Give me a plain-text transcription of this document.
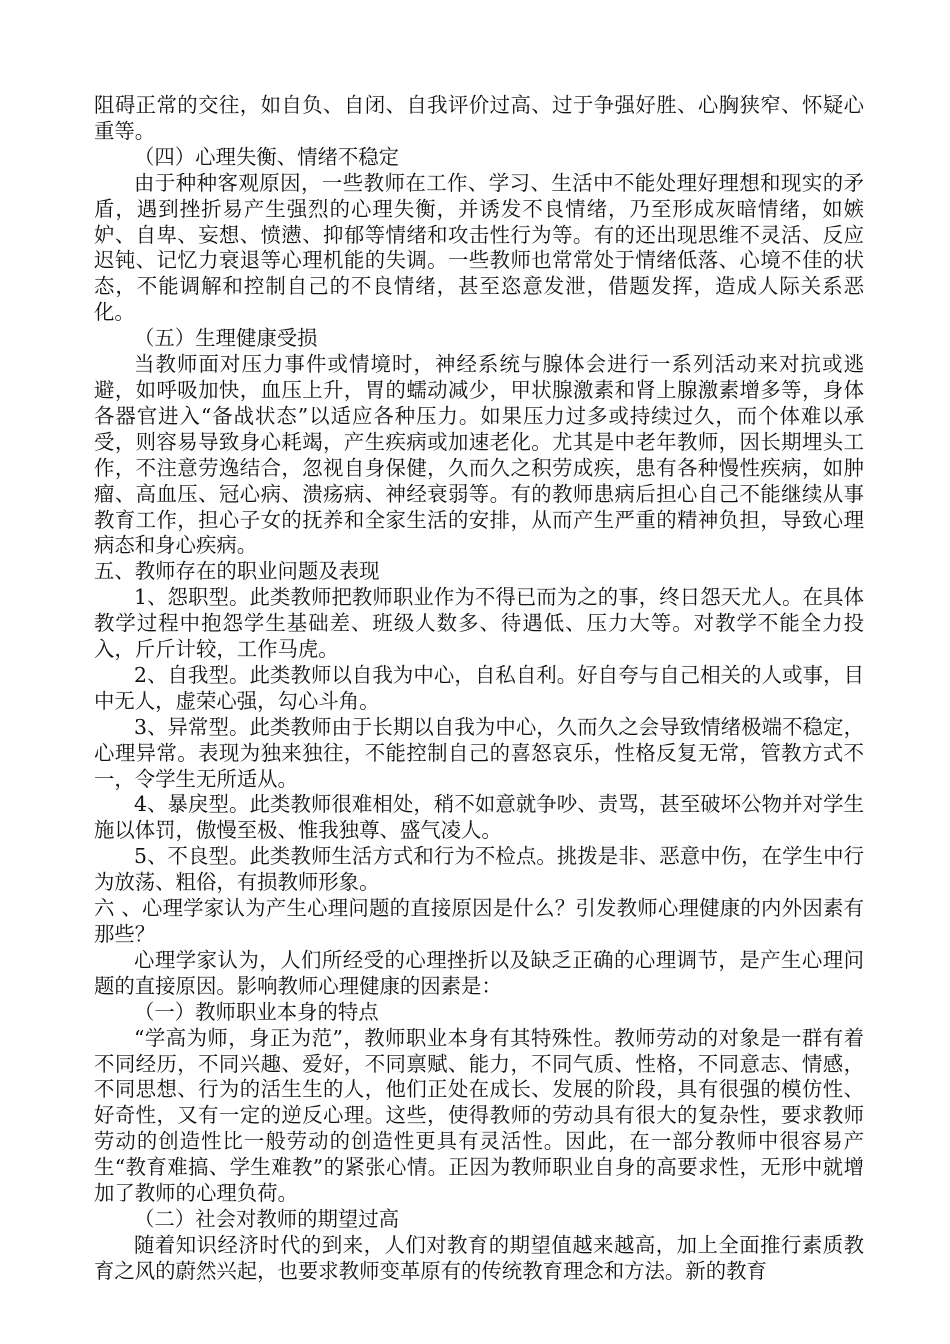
阻碍正常的交往，如自负、自闭、自我评价过高、过于争强好胜、心胸狭窄、怀疑心重等。

（四）心理失衡、情绪不稳定

由于种种客观原因，一些教师在工作、学习、生活中不能处理好理想和现实的矛盾，遇到挫折易产生强烈的心理失衡，并诱发不良情绪，乃至形成灰暗情绪，如嫉妒、自卑、妄想、愤懑、抑郁等情绪和攻击性行为等。有的还出现思维不灵活、反应迟钝、记忆力衰退等心理机能的失调。一些教师也常常处于情绪低落、心境不佳的状态，不能调解和控制自己的不良情绪，甚至恣意发泄，借题发挥，造成人际关系恶化。

（五）生理健康受损

当教师面对压力事件或情境时，神经系统与腺体会进行一系列活动来对抗或逃避，如呼吸加快，血压上升，胃的蠕动减少，甲状腺激素和肾上腺激素增多等，身体各器官进入“备战状态”以适应各种压力。如果压力过多或持续过久，而个体难以承受，则容易导致身心耗竭，产生疾病或加速老化。尤其是中老年教师，因长期埋头工作，不注意劳逸结合，忽视自身保健，久而久之积劳成疾，患有各种慢性疾病，如肿瘤、高血压、冠心病、溃疡病、神经衰弱等。有的教师患病后担心自己不能继续从事教育工作，担心子女的抚养和全家生活的安排，从而产生严重的精神负担，导致心理病态和身心疾病。

五、教师存在的职业问题及表现

1、怨职型。此类教师把教师职业作为不得已而为之的事，终日怨天尤人。在具体教学过程中抱怨学生基础差、班级人数多、待遇低、压力大等。对教学不能全力投入，斤斤计较，工作马虎。

2、自我型。此类教师以自我为中心，自私自利。好自夸与自己相关的人或事，目中无人，虚荣心强，勾心斗角。

3、异常型。此类教师由于长期以自我为中心，久而久之会导致情绪极端不稳定，心理异常。表现为独来独往，不能控制自己的喜怒哀乐，性格反复无常，管教方式不一，令学生无所适从。

4、暴戾型。此类教师很难相处，稍不如意就争吵、责骂，甚至破坏公物并对学生施以体罚，傲慢至极、惟我独尊、盛气凌人。

5、不良型。此类教师生活方式和行为不检点。挑拨是非、恶意中伤，在学生中行为放荡、粗俗，有损教师形象。

六 、心理学家认为产生心理问题的直接原因是什么？引发教师心理健康的内外因素有那些？

心理学家认为，人们所经受的心理挫折以及缺乏正确的心理调节，是产生心理问题的直接原因。影响教师心理健康的因素是：

（一）教师职业本身的特点

“学高为师，身正为范”，教师职业本身有其特殊性。教师劳动的对象是一群有着不同经历，不同兴趣、爱好，不同禀赋、能力，不同气质、性格，不同意志、情感，不同思想、行为的活生生的人，他们正处在成长、发展的阶段，具有很强的模仿性、好奇性，又有一定的逆反心理。这些，使得教师的劳动具有很大的复杂性，要求教师劳动的创造性比一般劳动的创造性更具有灵活性。因此，在一部分教师中很容易产生“教育难搞、学生难教”的紧张心情。正因为教师职业自身的高要求性，无形中就增加了教师的心理负荷。

（二）社会对教师的期望过高

随着知识经济时代的到来，人们对教育的期望值越来越高，加上全面推行素质教育之风的蔚然兴起，也要求教师变革原有的传统教育理念和方法。新的教育
